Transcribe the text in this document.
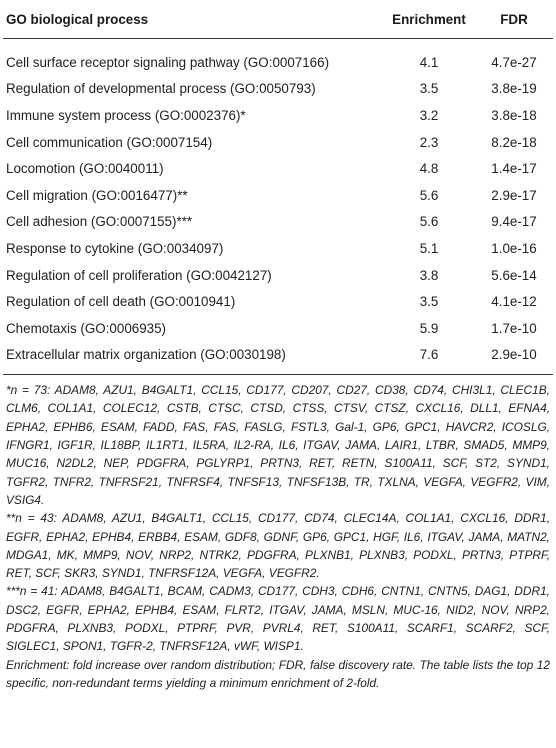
GO biological process	Enrichment	FDR
Cell surface receptor signaling pathway (GO:0007166)	4.1	4.7e-27
Regulation of developmental process (GO:0050793)	3.5	3.8e-19
Immune system process (GO:0002376)*	3.2	3.8e-18
Cell communication (GO:0007154)	2.3	8.2e-18
Locomotion (GO:0040011)	4.8	1.4e-17
Cell migration (GO:0016477)**	5.6	2.9e-17
Cell adhesion (GO:0007155)***	5.6	9.4e-17
Response to cytokine (GO:0034097)	5.1	1.0e-16
Regulation of cell proliferation (GO:0042127)	3.8	5.6e-14
Regulation of cell death (GO:0010941)	3.5	4.1e-12
Chemotaxis (GO:0006935)	5.9	1.7e-10
Extracellular matrix organization (GO:0030198)	7.6	2.9e-10

*n = 73: ADAM8, AZU1, B4GALT1, CCL15, CD177, CD207, CD27, CD38, CD74, CHI3L1, CLEC1B, CLM6, COL1A1, COLEC12, CSTB, CTSC, CTSD, CTSS, CTSV, CTSZ, CXCL16, DLL1, EFNA4, EPHA2, EPHB6, ESAM, FADD, FAS, FAS, FASLG, FSTL3, Gal-1, GP6, GPC1, HAVCR2, ICOSLG, IFNGR1, IGF1R, IL18BP, IL1RT1, IL5RA, IL2-RA, IL6, ITGAV, JAMA, LAIR1, LTBR, SMAD5, MMP9, MUC16, N2DL2, NEP, PDGFRA, PGLYRP1, PRTN3, RET, RETN, S100A11, SCF, ST2, SYND1, TGFR2, TNFR2, TNFRSF21, TNFRSF4, TNFSF13, TNFSF13B, TR, TXLNA, VEGFA, VEGFR2, VIM, VSIG4.

**n = 43: ADAM8, AZU1, B4GALT1, CCL15, CD177, CD74, CLEC14A, COL1A1, CXCL16, DDR1, EGFR, EPHA2, EPHB4, ERBB4, ESAM, GDF8, GDNF, GP6, GPC1, HGF, IL6, ITGAV, JAMA, MATN2, MDGA1, MK, MMP9, NOV, NRP2, NTRK2, PDGFRA, PLXNB1, PLXNB3, PODXL, PRTN3, PTPRF, RET, SCF, SKR3, SYND1, TNFRSF12A, VEGFA, VEGFR2.

***n = 41: ADAM8, B4GALT1, BCAM, CADM3, CD177, CDH3, CDH6, CNTN1, CNTN5, DAG1, DDR1, DSC2, EGFR, EPHA2, EPHB4, ESAM, FLRT2, ITGAV, JAMA, MSLN, MUC-16, NID2, NOV, NRP2, PDGFRA, PLXNB3, PODXL, PTPRF, PVR, PVRL4, RET, S100A11, SCARF1, SCARF2, SCF, SIGLEC1, SPON1, TGFR-2, TNFRSF12A, vWF, WISP1.

Enrichment: fold increase over random distribution; FDR, false discovery rate. The table lists the top 12 specific, non-redundant terms yielding a minimum enrichment of 2-fold.
